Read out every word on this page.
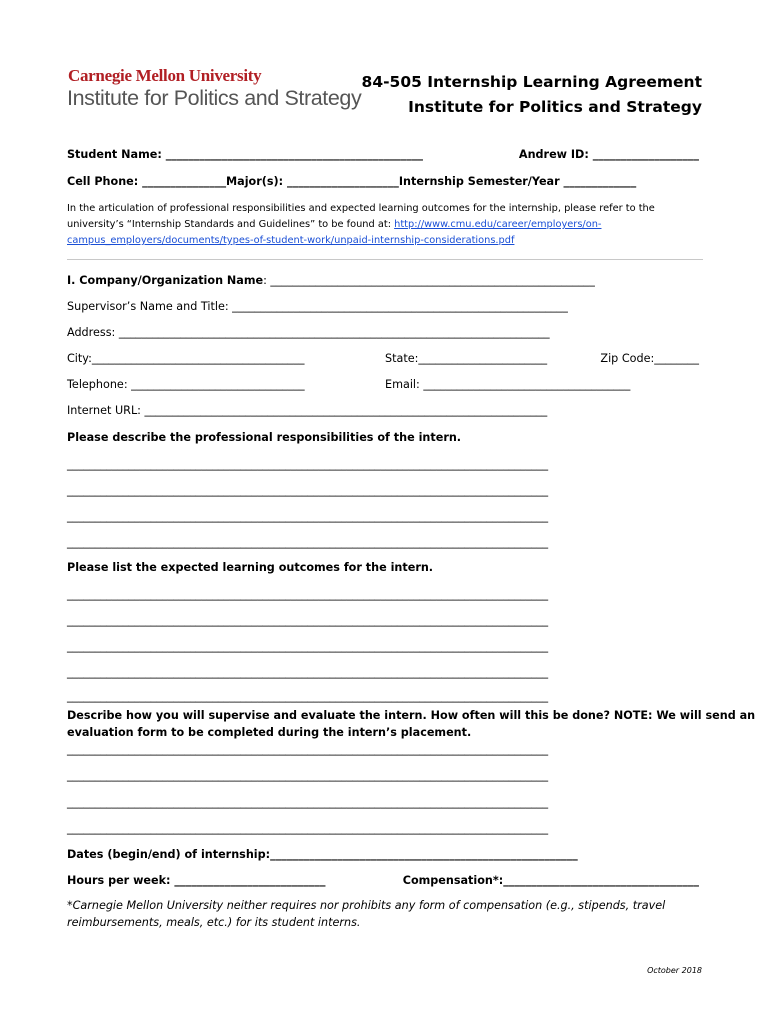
Carnegie Mellon University
Institute for Politics and Strategy
84-505 Internship Learning Agreement
Institute for Politics and Strategy
Student Name: ______________________________________________	Andrew ID: ___________________
Cell Phone: _______________Major(s): ____________________Internship Semester/Year _____________
In the articulation of professional responsibilities and expected learning outcomes for the internship, please refer to the
university’s “Internship Standards and Guidelines” to be found at: http://www.cmu.edu/career/employers/on-
campus_employers/documents/types-of-student-work/unpaid-internship-considerations.pdf
I. Company/Organization Name: __________________________________________________________
Supervisor’s Name and Title: ____________________________________________________________
Address: _____________________________________________________________________________
City:______________________________________	State:_______________________	Zip Code:________
Telephone: _______________________________	Email: _____________________________________
Internet URL: ________________________________________________________________________
Please describe the professional responsibilities of the intern.
______________________________________________________________________________________
______________________________________________________________________________________
______________________________________________________________________________________
______________________________________________________________________________________
Please list the expected learning outcomes for the intern.
______________________________________________________________________________________
______________________________________________________________________________________
______________________________________________________________________________________
______________________________________________________________________________________
______________________________________________________________________________________
Describe how you will supervise and evaluate the intern. How often will this be done? NOTE: We will send an
evaluation form to be completed during the intern’s placement.
______________________________________________________________________________________
______________________________________________________________________________________
______________________________________________________________________________________
______________________________________________________________________________________
Dates (begin/end) of internship:_______________________________________________________
Hours per week: ___________________________	Compensation*:___________________________________
*Carnegie Mellon University neither requires nor prohibits any form of compensation (e.g., stipends, travel
reimbursements, meals, etc.) for its student interns.
October 2018
